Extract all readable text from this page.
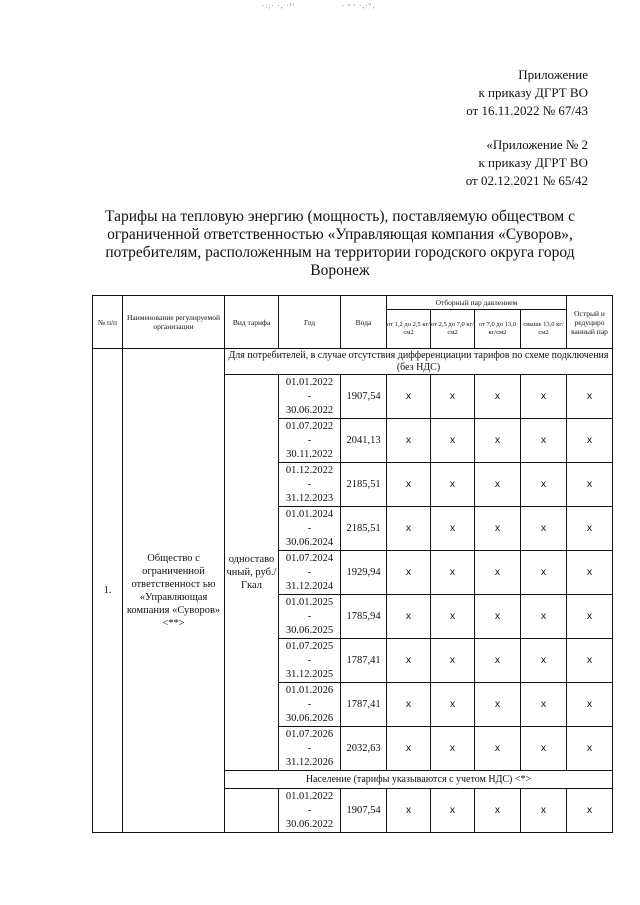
·:;· ·, ·¹ᴵ	· ᵃ ˢ ·,·°‚
Приложение
к приказу ДГРТ ВО
от 16.11.2022 № 67/43
«Приложение № 2
к приказу ДГРТ ВО
от 02.12.2021 № 65/42
Тарифы на тепловую энергию (мощность), поставляемую обществом с
ограниченной ответственностью «Управляющая компания «Суворов»,
потребителям, расположенным на территории городского округа город
Воронеж
№ п/п	Наименование регулируемой организации	Вид тарифа	Год	Вода	Отборный пар давлением				Острый и редуциро ванный пар
					от 1,2 до 2,5 кг/см2	от 2,5 до 7,0 кг/см2	от 7,0 до 13,0 кг/см2	свыше 13,0 кг/см2	
1.	Общество с ограниченной ответственност ью «Управляющая компания «Суворов» <**>	Для потребителей, в случае отсутствия дифференциации тарифов по схеме подключения (без НДС)							
		одноставо чный, руб./Гкал	01.01.2022
-
30.06.2022	1907,54	x	x	x	x	x
			01.07.2022
-
30.11.2022	2041,13	x	x	x	x	x
			01.12.2022
-
31.12.2023	2185,51	x	x	x	x	x
			01.01.2024
-
30.06.2024	2185,51	x	x	x	x	x
			01.07.2024
-
31.12.2024	1929,94	x	x	x	x	x
			01.01.2025
-
30.06.2025	1785,94	x	x	x	x	x
			01.07.2025
-
31.12.2025	1787,41	x	x	x	x	x
			01.01.2026
-
30.06.2026	1787,41	x	x	x	x	x
			01.07.2026
-
31.12.2026	2032,63	x	x	x	x	x
		Население (тарифы указываются с учетом НДС) <*>							
			01.01.2022
-
30.06.2022	1907,54	x	x	x	x	x
